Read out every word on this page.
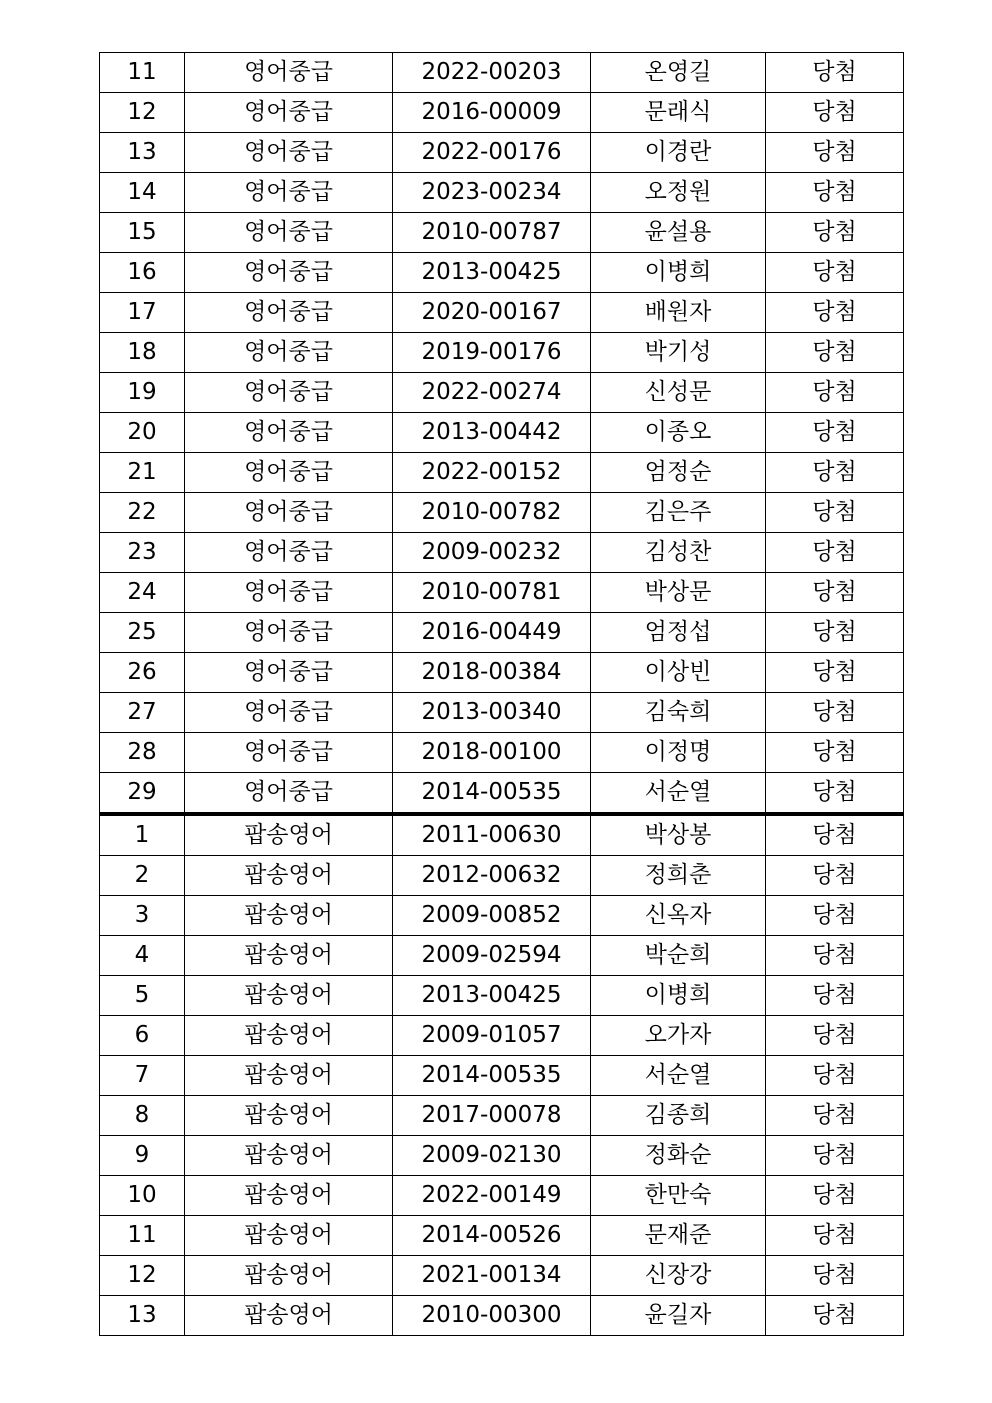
11	영어중급	2022-00203	온영길	당첨
12	영어중급	2016-00009	문래식	당첨
13	영어중급	2022-00176	이경란	당첨
14	영어중급	2023-00234	오정원	당첨
15	영어중급	2010-00787	윤설용	당첨
16	영어중급	2013-00425	이병희	당첨
17	영어중급	2020-00167	배원자	당첨
18	영어중급	2019-00176	박기성	당첨
19	영어중급	2022-00274	신성문	당첨
20	영어중급	2013-00442	이종오	당첨
21	영어중급	2022-00152	엄정순	당첨
22	영어중급	2010-00782	김은주	당첨
23	영어중급	2009-00232	김성찬	당첨
24	영어중급	2010-00781	박상문	당첨
25	영어중급	2016-00449	엄정섭	당첨
26	영어중급	2018-00384	이상빈	당첨
27	영어중급	2013-00340	김숙희	당첨
28	영어중급	2018-00100	이정명	당첨
29	영어중급	2014-00535	서순열	당첨
1	팝송영어	2011-00630	박상봉	당첨
2	팝송영어	2012-00632	정희춘	당첨
3	팝송영어	2009-00852	신옥자	당첨
4	팝송영어	2009-02594	박순희	당첨
5	팝송영어	2013-00425	이병희	당첨
6	팝송영어	2009-01057	오가자	당첨
7	팝송영어	2014-00535	서순열	당첨
8	팝송영어	2017-00078	김종희	당첨
9	팝송영어	2009-02130	정화순	당첨
10	팝송영어	2022-00149	한만숙	당첨
11	팝송영어	2014-00526	문재준	당첨
12	팝송영어	2021-00134	신장강	당첨
13	팝송영어	2010-00300	윤길자	당첨
